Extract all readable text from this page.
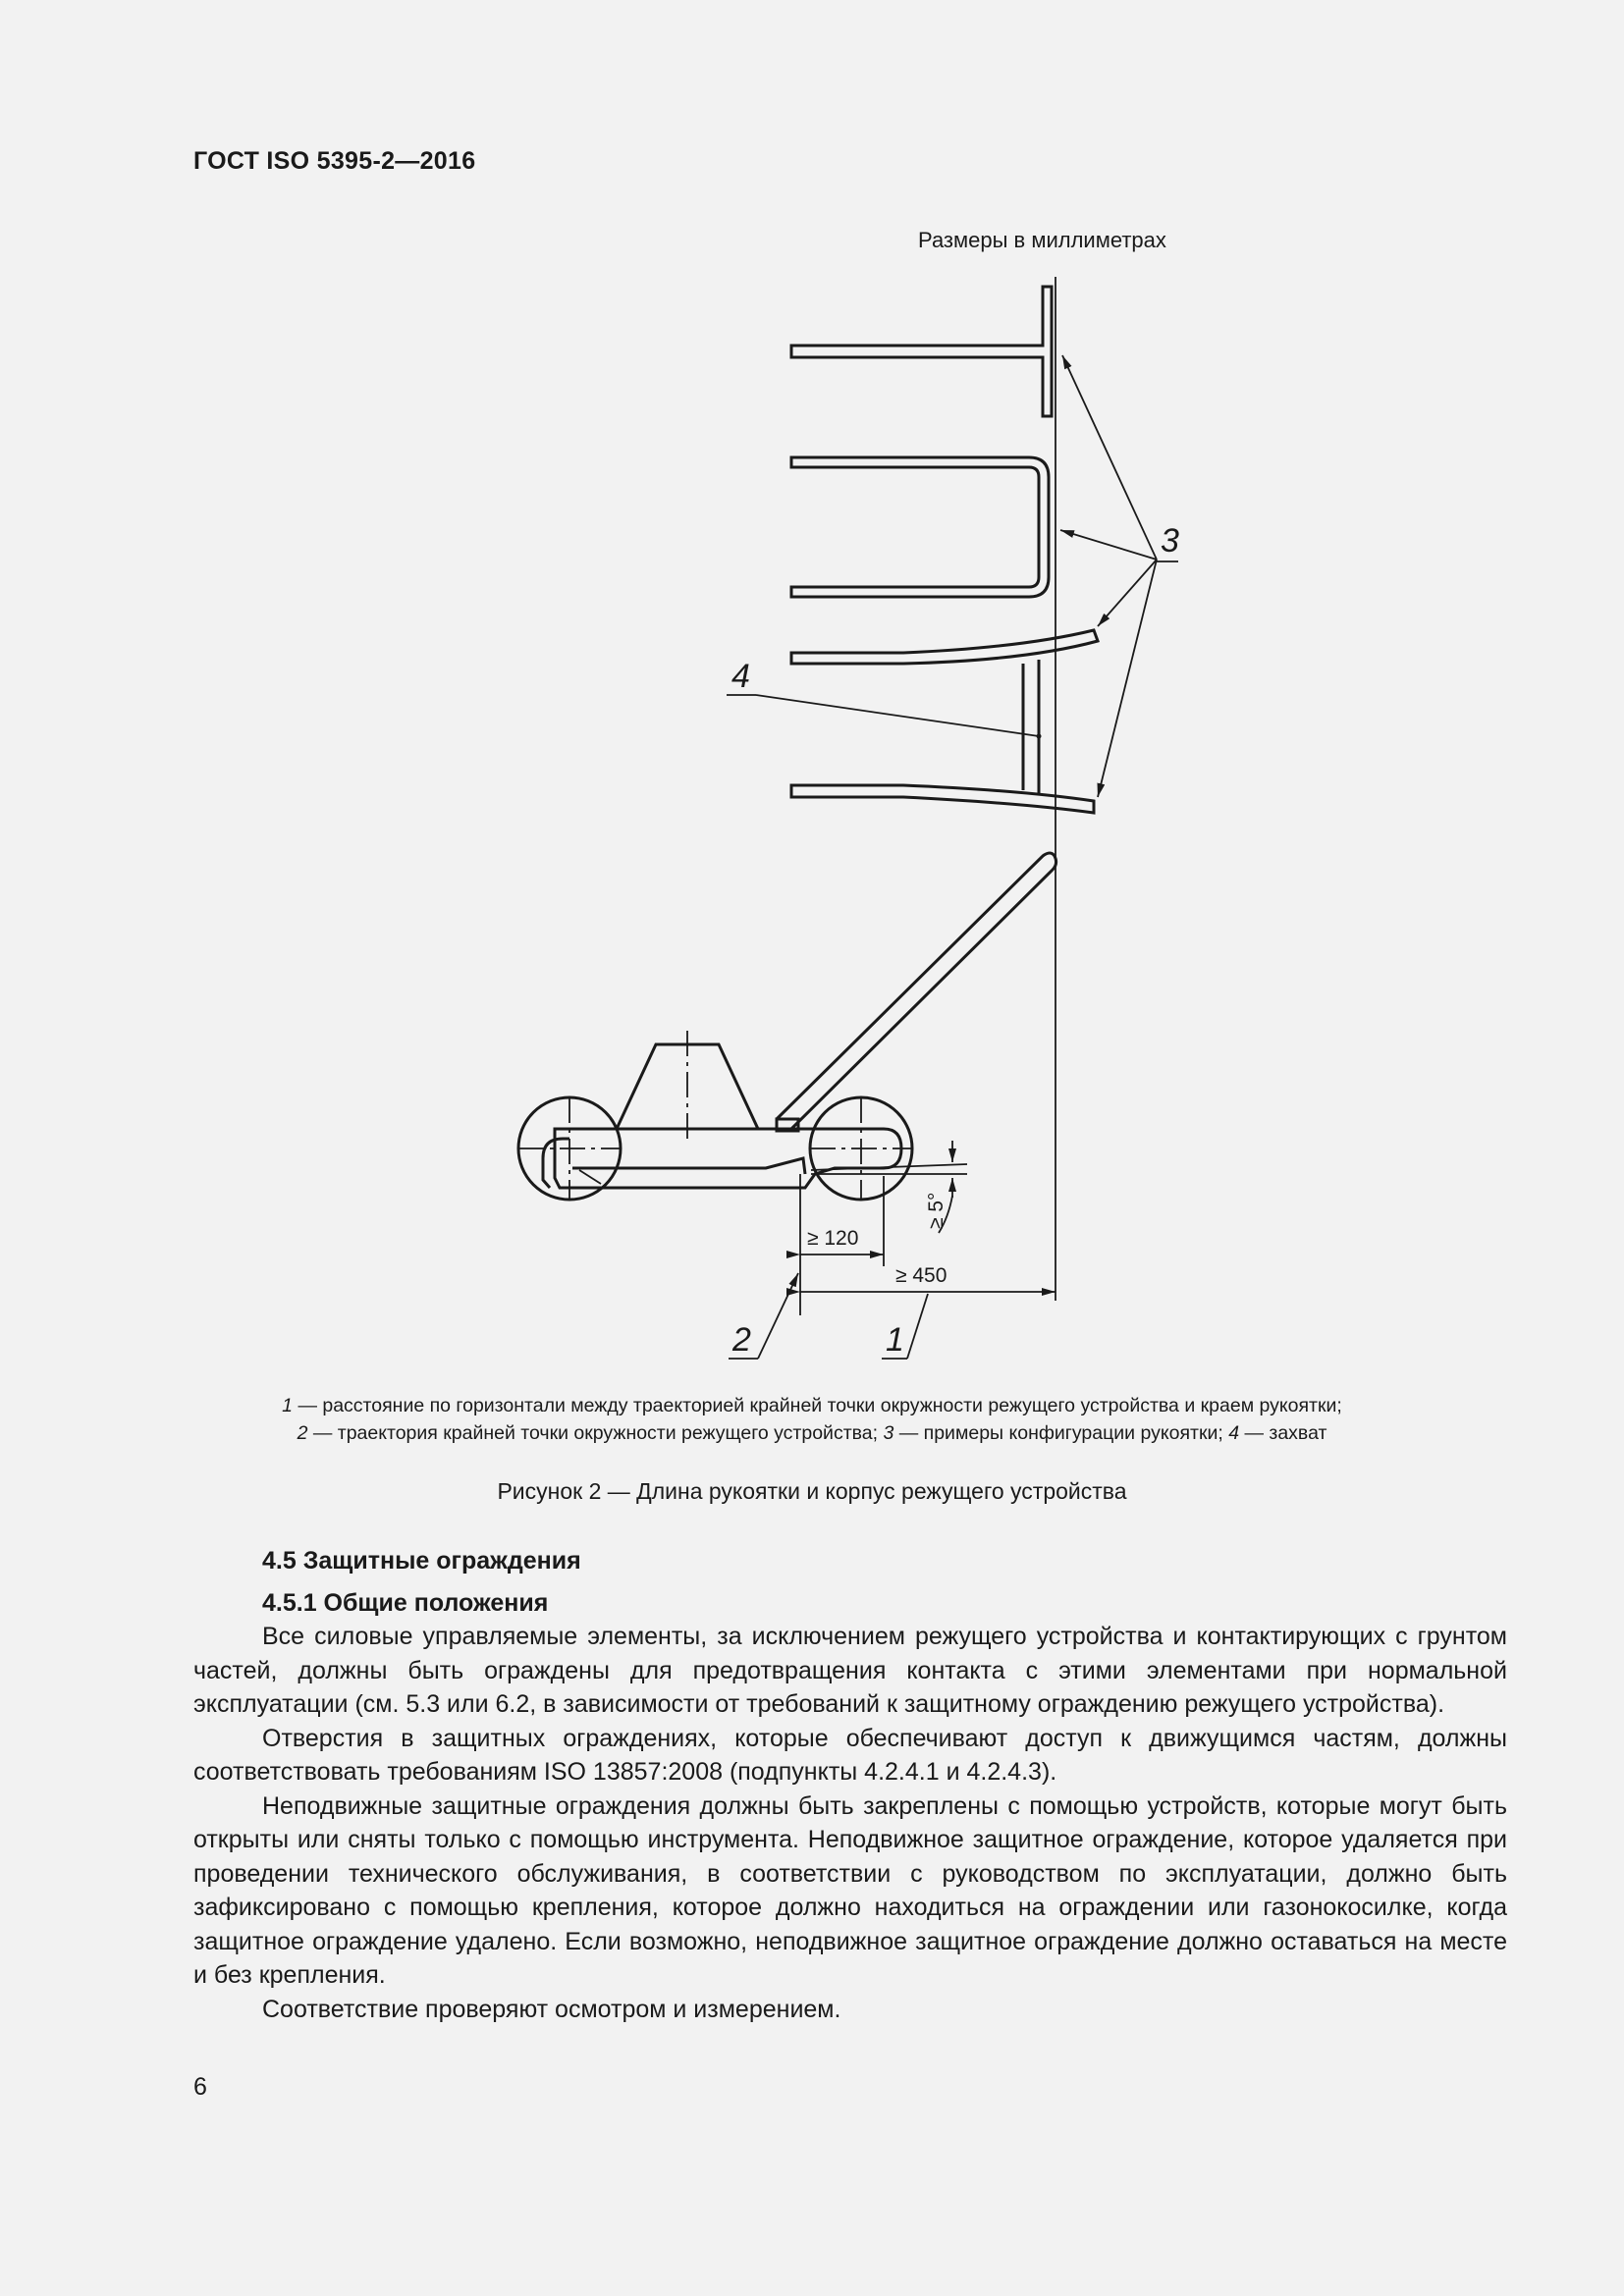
ГОСТ ISO 5395-2—2016
Размеры в миллиметрах
≥ 5°
≥ 120
≥ 450
3
4
2	1
1 — расстояние по горизонтали между траекторией крайней точки окружности режущего устройства и краем рукоятки;
2 — траектория крайней точки окружности режущего устройства; 3 — примеры конфигурации рукоятки; 4 — захват
Рисунок 2 — Длина рукоятки и корпус режущего устройства
4.5 Защитные ограждения
4.5.1 Общие положения

Все силовые управляемые элементы, за исключением режущего устройства и контактирующих с грунтом частей, должны быть ограждены для предотвращения контакта с этими элементами при нормальной эксплуатации (см. 5.3 или 6.2, в зависимости от требований к защитному ограждению режущего устройства).

Отверстия в защитных ограждениях, которые обеспечивают доступ к движущимся частям, должны соответствовать требованиям ISO 13857:2008 (подпункты 4.2.4.1 и 4.2.4.3).

Неподвижные защитные ограждения должны быть закреплены с помощью устройств, которые могут быть открыты или сняты только с помощью инструмента. Неподвижное защитное ограждение, которое удаляется при проведении технического обслуживания, в соответствии с руководством по эксплуатации, должно быть зафиксировано с помощью крепления, которое должно находиться на ограждении или газонокосилке, когда защитное ограждение удалено. Если возможно, неподвижное защитное ограждение должно оставаться на месте и без крепления.

Соответствие проверяют осмотром и измерением.

6
